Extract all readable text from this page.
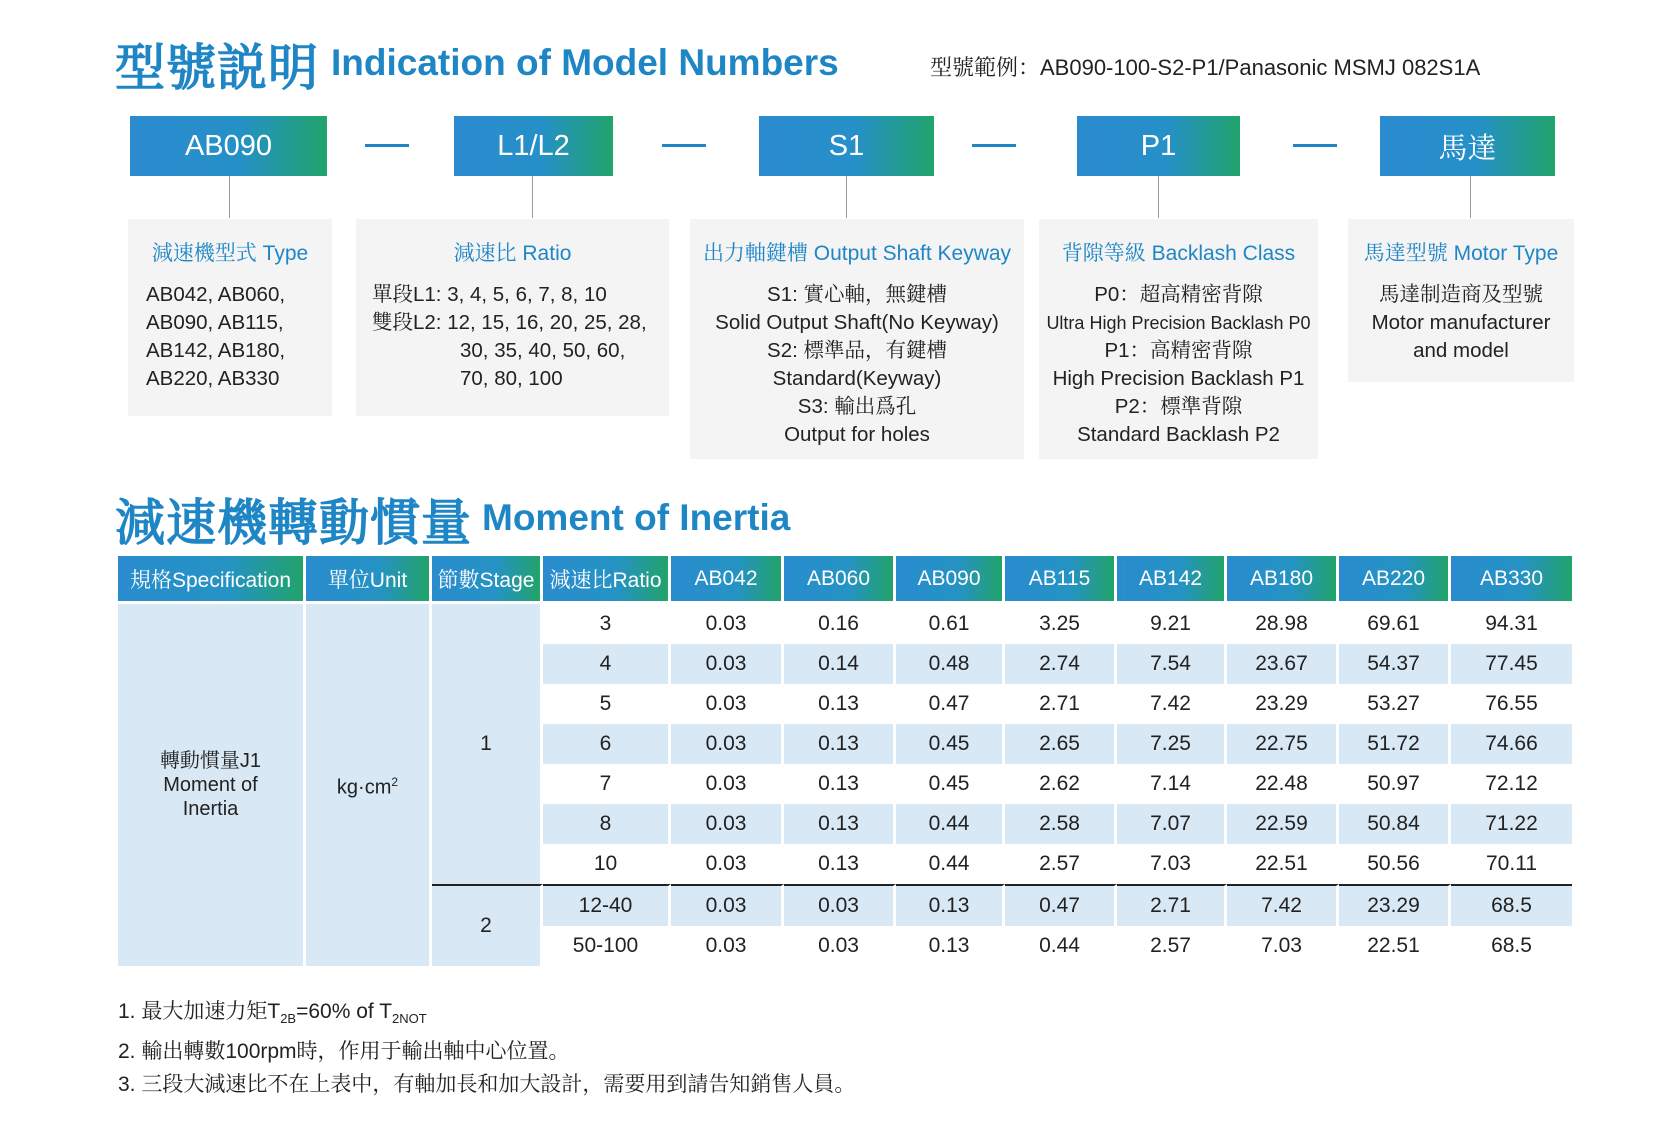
型號説明 Indication of Model Numbers	型號範例：AB090-100-S2-P1/Panasonic MSMJ 082S1A
AB090	L1/L2	S1	P1	馬達
減速機型式 Type
AB042, AB060,
AB090, AB115,
AB142, AB180,
AB220, AB330
減速比 Ratio
單段L1: 3, 4, 5, 6, 7, 8, 10
雙段L2: 12, 15, 16, 20, 25, 28,
30, 35, 40, 50, 60,
70, 80, 100
出力軸鍵槽 Output Shaft Keyway
S1: 實心軸，無鍵槽
Solid Output Shaft(No Keyway)
S2: 標準品，有鍵槽
Standard(Keyway)
S3: 輸出爲孔
Output for holes
背隙等級 Backlash Class
P0：超高精密背隙
Ultra High Precision Backlash P0
P1：高精密背隙
High Precision Backlash P1
P2：標準背隙
Standard Backlash P2
馬達型號 Motor Type
馬達制造商及型號
Motor manufacturer
and model
減速機轉動慣量 Moment of Inertia
規格Specification	單位Unit	節數Stage	減速比Ratio	AB042	AB060	AB090	AB115	AB142	AB180	AB220	AB330

轉動慣量J1
Moment of
Inertia	$kg\cdot cm^2$	1	3	0.03	0.16	0.61	3.25	9.21	28.98	69.61	94.31
			4	0.03	0.14	0.48	2.74	7.54	23.67	54.37	77.45
			5	0.03	0.13	0.47	2.71	7.42	23.29	53.27	76.55
			6	0.03	0.13	0.45	2.65	7.25	22.75	51.72	74.66
			7	0.03	0.13	0.45	2.62	7.14	22.48	50.97	72.12
			8	0.03	0.13	0.44	2.58	7.07	22.59	50.84	71.22
			10	0.03	0.13	0.44	2.57	7.03	22.51	50.56	70.11
		2	12-40	0.03	0.03	0.13	0.47	2.71	7.42	23.29	68.5
			50-100	0.03	0.03	0.13	0.44	2.57	7.03	22.51	68.5
1. 最大加速力矩$T_{2B}=60\%$ of $T_{2NOT}$
2. 輸出轉數100rpm時，作用于輸出軸中心位置。
3. 三段大減速比不在上表中，有軸加長和加大設計，需要用到請告知銷售人員。
